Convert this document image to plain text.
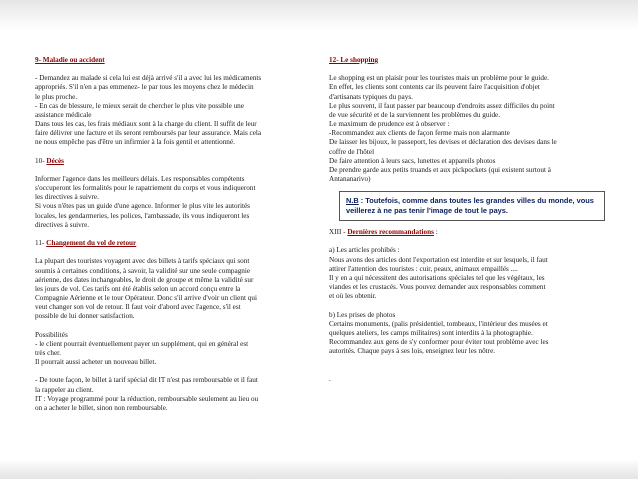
9- Maladie ou accident

- Demandez au malade si cela lui est déjà arrivé s'il a avec lui les médicaments

appropriés. S'il n'en a pas emmenez- le par tous les moyens chez le médecin

le plus proche.

- En cas de blessure, le mieux serait de chercher le plus vite possible une

assistance médicale

Dans tous les cas, les frais médiaux sont à la charge du client. Il suffit de leur

faire délivrer une facture et ils seront remboursés par leur assurance. Mais cela

ne nous empêche pas d'être un infirmier à la fois gentil et attentionné.

10- Décès

Informer l'agence dans les meilleurs délais. Les responsables compétents

s'occuperont les formalités pour le rapatriement du corps et vous indiqueront

les directives à suivre.

Si vous n'êtes pas un guide d'une agence. Informer le plus vite les autorités

locales, les gendarmeries, les polices, l'ambassade, ils vous indiqueront les

directives à suivre.

11- Changement du vol de retour

La plupart des touristes voyagent avec des billets à tarifs spéciaux qui sont

soumis à certaines conditions, à savoir, la validité sur une seule compagnie

aérienne, des dates inchangeables, le droit de groupe et même la validité sur

les jours de vol. Ces tarifs ont été établis selon un accord conçu entre la

Compagnie Aérienne et le tour Opérateur. Donc s'il arrive d'voir un client qui

veut changer son vol de retour. Il faut voir d'abord avec l'agence, s'il est

possible de lui donner satisfaction.

Possibilités

- le client pourrait éventuellement payer un supplément, qui en général est

très cher.

Il pourrait aussi acheter un nouveau billet.

- De toute façon, le billet à tarif spécial dit IT n'est pas remboursable et il faut

la rappeler au client.

IT : Voyage programmé pour la réduction, remboursable seulement au lieu ou

on a acheter le billet, sinon non remboursable.

12- Le shopping

Le shopping est un plaisir pour les touristes mais un problème pour le guide.

En effet, les clients sont contents car ils peuvent faire l'acquisition d'objet

d'artisanats typiques du pays.

Le plus souvent, il faut passer par beaucoup d'endroits assez difficiles du point

de vue sécurité et de la surviennent les problèmes du guide.

Le maximum de prudence est à observer :

-Recommandez aux clients de façon ferme mais non alarmante

De laisser les bijoux, le passeport, les devises et déclaration des devises dans le

coffre de l'hôtel

De faire attention à leurs sacs, lunettes et appareils photos

De prendre garde aux petits truands et aux pickpockets (qui existent surtout à

Antananarivo)

N.B : Toutefois, comme dans toutes les grandes villes du monde, vous veillerez à ne pas tenir l'image de tout le pays.

XIII - Dernières recommandations :

a) Les articles prohibés :

Nous avons des articles dont l'exportation est interdite et sur lesquels, il faut

attirer l'attention des touristes : cuir, peaux, animaux empaillés ....

Il y en a qui nécessitent des autorisations spéciales tel que les végétaux, les

viandes et les crustacés. Vous pouvez demander aux responsables comment

et où les obtenir.

b) Les prises de photos

Certains monuments, (palis présidentiel, tombeaux, l'intérieur des musées et

quelques ateliers, les camps militaires) sont interdits à la photographie.

Recommandez aux gens de s'y conformer pour éviter tout problème avec les

autorités. Chaque pays à ses lois, enseignez leur les nôtre.

.
